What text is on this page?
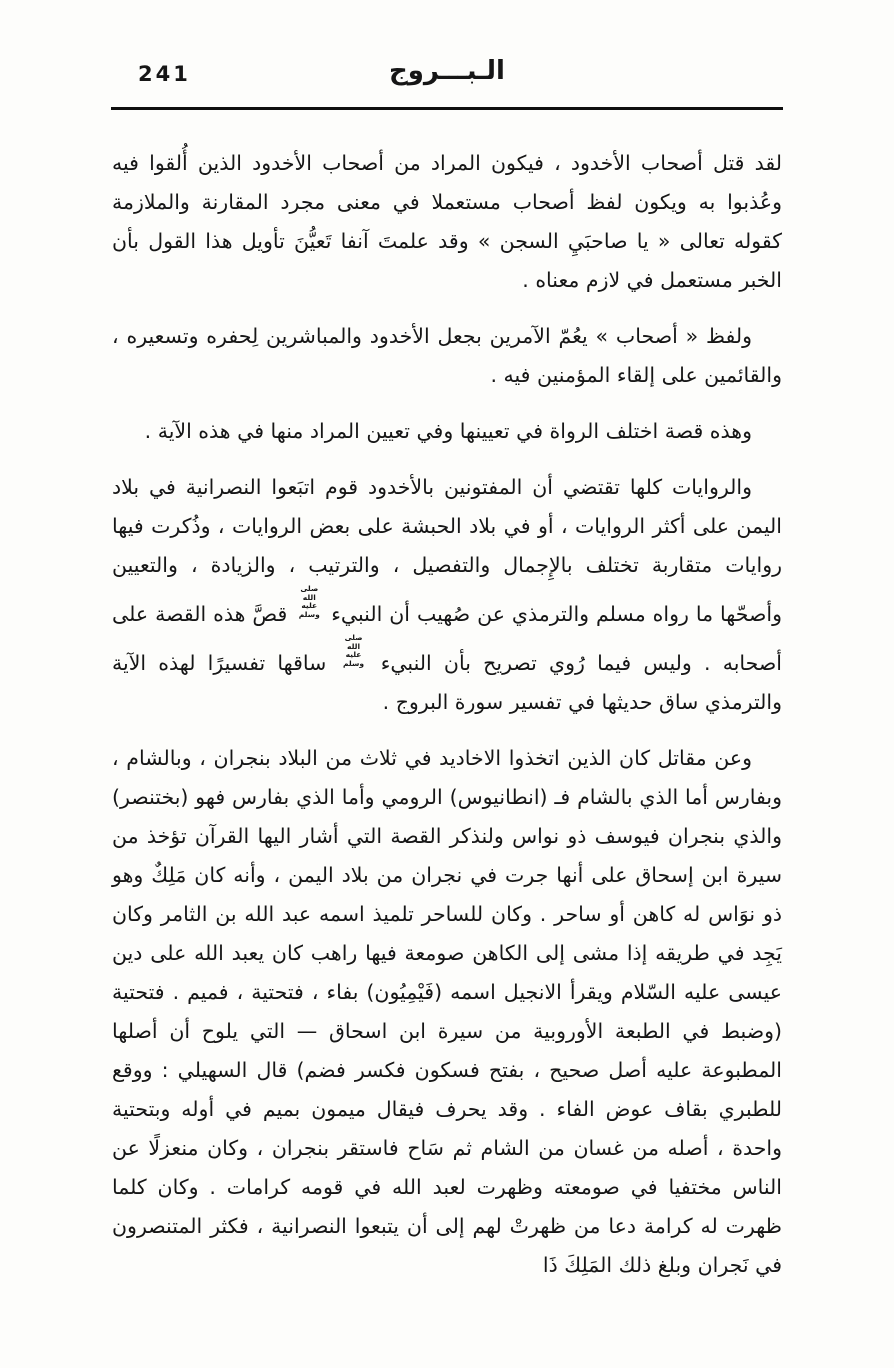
241	الـبـــروج

لقد قتل أصحاب الأخدود ، فيكون المراد من أصحاب الأخدود الذين أُلقوا فيه وعُذبوا به ويكون لفظ أصحاب مستعملا في معنى مجرد المقارنة والملازمة كقوله تعالى « يا صاحبَيِ السجن » وقد علمتَ آنفا تَعيُّنَ تأويل هذا القول بأن الخبر مستعمل في لازم معناه .

ولفظ « أصحاب » يعُمّ الآمرين بجعل الأخدود والمباشرين لِحفره وتسعيره ، والقائمين على إلقاء المؤمنين فيه .

وهذه قصة اختلف الرواة في تعيينها وفي تعيين المراد منها في هذه الآية .

والروايات كلها تقتضي أن المفتونين بالأخدود قوم اتبَعوا النصرانية في بلاد اليمن على أكثر الروايات ، أو في بلاد الحبشة على بعض الروايات ، وذُكرت فيها روايات متقاربة تختلف بالإِجمال والتفصيل ، والترتيب ، والزيادة ، والتعيين وأصحّها ما رواه مسلم والترمذي عن صُهيب أن النبيء صلى الله عليه وسلم قصَّ هذه القصة على أصحابه . وليس فيما رُوي تصريح بأن النبيء صلى الله عليه وسلم ساقها تفسيرًا لهذه الآية والترمذي ساق حديثها في تفسير سورة البروج .

وعن مقاتل كان الذين اتخذوا الاخاديد في ثلاث من البلاد بنجران ، وبالشام ، وبفارس أما الذي بالشام فـ (انطانيوس) الرومي وأما الذي بفارس فهو (بختنصر) والذي بنجران فيوسف ذو نواس ولنذكر القصة التي أشار اليها القرآن تؤخذ من سيرة ابن إسحاق على أنها جرت في نجران من بلاد اليمن ، وأنه كان مَلِكٌ وهو ذو نوَاس له كاهن أو ساحر . وكان للساحر تلميذ اسمه عبد الله بن الثامر وكان يَجِد في طريقه إذا مشى إلى الكاهن صومعة فيها راهب كان يعبد الله على دين عيسى عليه السّلام ويقرأ الانجيل اسمه (فَيْمِيُون) بفاء ، فتحتية ، فميم . فتحتية (وضبط في الطبعة الأوروبية من سيرة ابن اسحاق — التي يلوح أن أصلها المطبوعة عليه أصل صحيح ، بفتح فسكون فكسر فضم) قال السهيلي : ووقع للطبري بقاف عوض الفاء . وقد يحرف فيقال ميمون بميم في أوله وبتحتية واحدة ، أصله من غسان من الشام ثم سَاح فاستقر بنجران ، وكان منعزلًا عن الناس مختفيا في صومعته وظهرت لعبد الله في قومه كرامات . وكان كلما ظهرت له كرامة دعا من ظهرتْ لهم إلى أن يتبعوا النصرانية ، فكثر المتنصرون في نَجران وبلغ ذلك المَلِكَ ذَا
